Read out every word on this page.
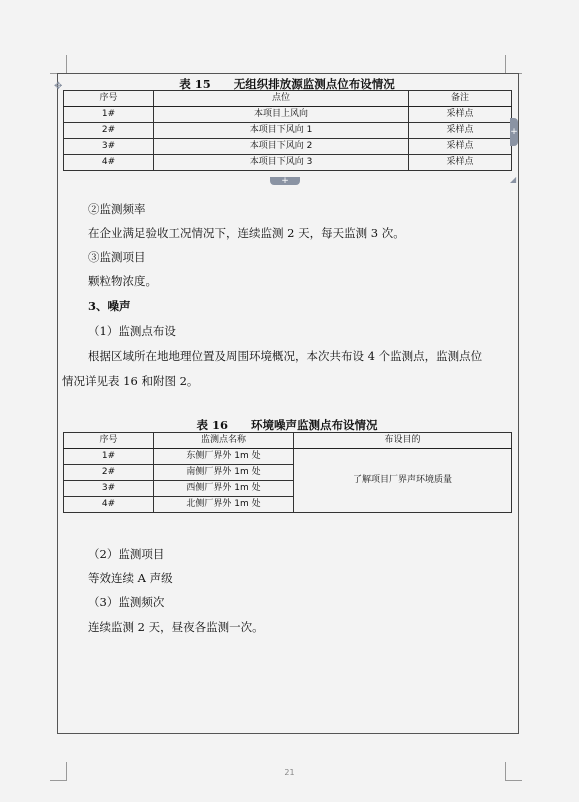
✥	表 15　　无组织排放源监测点位布设情况
序号	点位	备注
1#	本项目上风向	采样点
2#	本项目下风向 1	采样点
3#	本项目下风向 2	采样点
4#	本项目下风向 3	采样点
+
+	◢
②监测频率
在企业满足验收工况情况下，连续监测 2 天，每天监测 3 次。
③监测项目
颗粒物浓度。
3、噪声
（1）监测点布设
根据区域所在地地理位置及周围环境概况，本次共布设 4 个监测点，监测点位
情况详见表 16 和附图 2。
表 16　　环境噪声监测点布设情况
序号	监测点名称	布设目的
1#	东侧厂界外 1m 处	了解项目厂界声环境质量
2#	南侧厂界外 1m 处	
3#	西侧厂界外 1m 处	
4#	北侧厂界外 1m 处	
（2）监测项目
等效连续 A 声级
（3）监测频次
连续监测 2 天，昼夜各监测一次。
21
